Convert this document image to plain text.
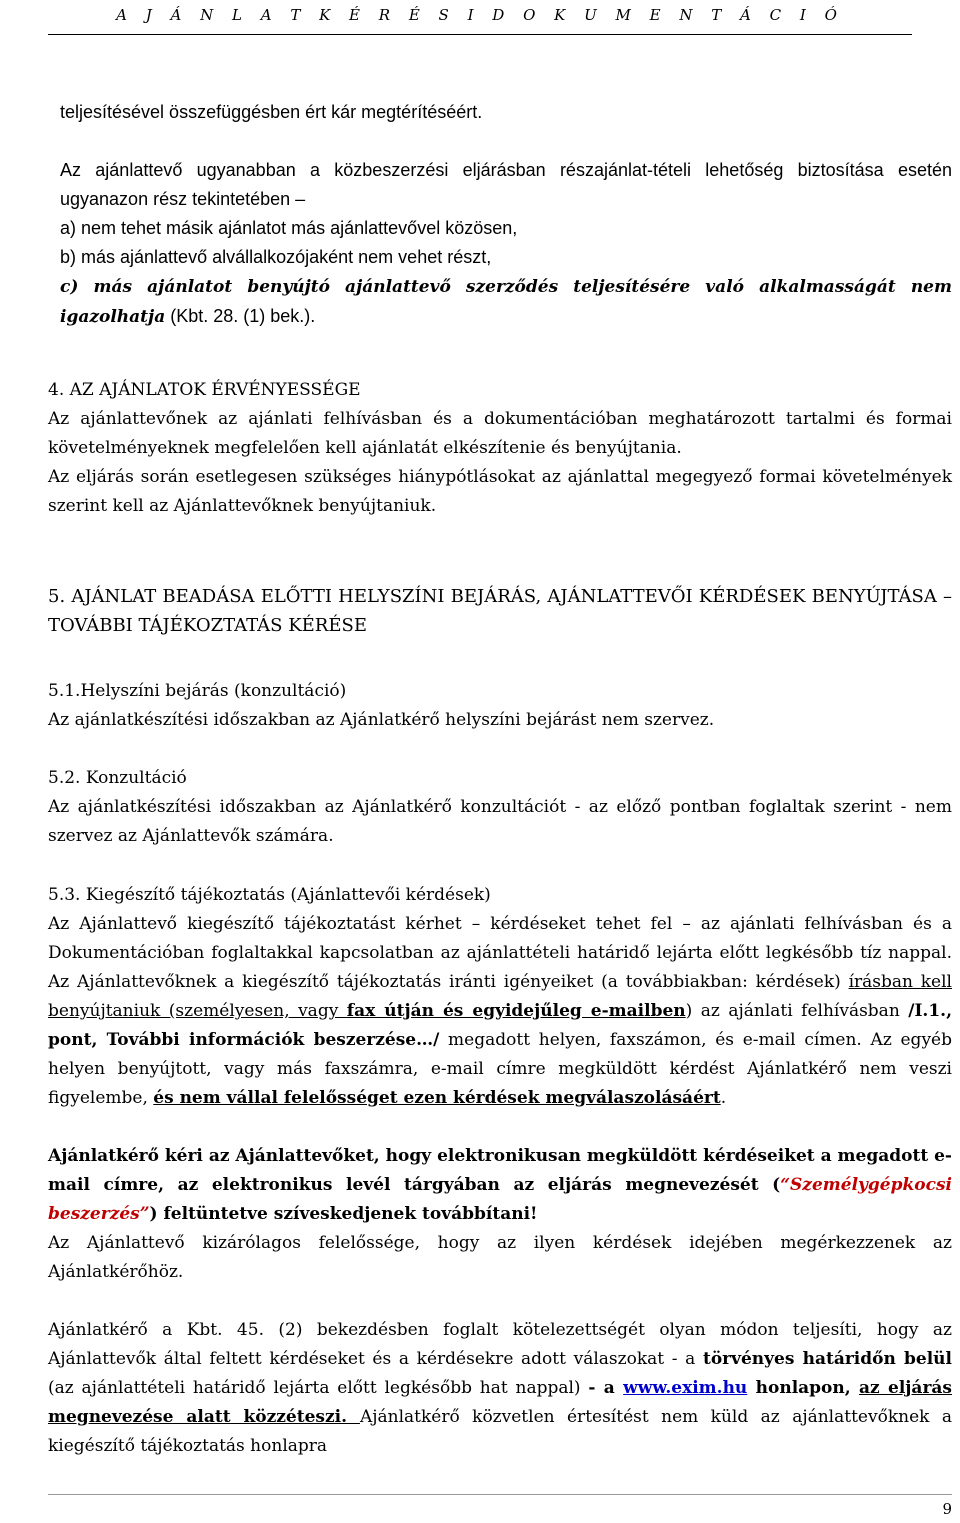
A J Á N L A T K É R É S I D O K U M E N T Á C I Ó

teljesítésével összefüggésben ért kár megtérítéséért.

Az ajánlattevő ugyanabban a közbeszerzési eljárásban részajánlat-tételi lehetőség biztosítása esetén ugyanazon rész tekintetében –

a) nem tehet másik ajánlatot más ajánlattevővel közösen,

b) más ajánlattevő alvállalkozójaként nem vehet részt,

c) más ajánlatot benyújtó ajánlattevő szerződés teljesítésére való alkalmasságát nem igazolhatja (Kbt. 28. (1) bek.).

4. AZ AJÁNLATOK ÉRVÉNYESSÉGE

Az ajánlattevőnek az ajánlati felhívásban és a dokumentációban meghatározott tartalmi és formai követelményeknek megfelelően kell ajánlatát elkészítenie és benyújtania.

Az eljárás során esetlegesen szükséges hiánypótlásokat az ajánlattal megegyező formai követelmények szerint kell az Ajánlattevőknek benyújtaniuk.

5. AJÁNLAT BEADÁSA ELŐTTI HELYSZÍNI BEJÁRÁS, AJÁNLATTEVŐI KÉRDÉSEK BENYÚJTÁSA – TOVÁBBI TÁJÉKOZTATÁS KÉRÉSE

5.1.Helyszíni bejárás (konzultáció)

Az ajánlatkészítési időszakban az Ajánlatkérő helyszíni bejárást nem szervez.

5.2. Konzultáció

Az ajánlatkészítési időszakban az Ajánlatkérő konzultációt - az előző pontban foglaltak szerint - nem szervez az Ajánlattevők számára.

5.3. Kiegészítő tájékoztatás (Ajánlattevői kérdések)

Az Ajánlattevő kiegészítő tájékoztatást kérhet – kérdéseket tehet fel – az ajánlati felhívásban és a Dokumentációban foglaltakkal kapcsolatban az ajánlattételi határidő lejárta előtt legkésőbb tíz nappal. Az Ajánlattevőknek a kiegészítő tájékoztatás iránti igényeiket (a továbbiakban: kérdések) írásban kell benyújtaniuk (személyesen, vagy fax útján és egyidejűleg e-mailben) az ajánlati felhívásban /I.1., pont, További információk beszerzése…/ megadott helyen, faxszámon, és e-mail címen. Az egyéb helyen benyújtott, vagy más faxszámra, e-mail címre megküldött kérdést Ajánlatkérő nem veszi figyelembe, és nem vállal felelősséget ezen kérdések megválaszolásáért.

Ajánlatkérő kéri az Ajánlattevőket, hogy elektronikusan megküldött kérdéseiket a megadott e-mail címre, az elektronikus levél tárgyában az eljárás megnevezését (“Személygépkocsi beszerzés”) feltüntetve szíveskedjenek továbbítani!

Az Ajánlattevő kizárólagos felelőssége, hogy az ilyen kérdések idejében megérkezzenek az Ajánlatkérőhöz.

Ajánlatkérő a Kbt. 45. (2) bekezdésben foglalt kötelezettségét olyan módon teljesíti, hogy az Ajánlattevők által feltett kérdéseket és a kérdésekre adott válaszokat - a törvényes határidőn belül (az ajánlattételi határidő lejárta előtt legkésőbb hat nappal) - a www.exim.hu honlapon, az eljárás megnevezése alatt közzéteszi. Ajánlatkérő közvetlen értesítést nem küld az ajánlattevőknek a kiegészítő tájékoztatás honlapra

9
